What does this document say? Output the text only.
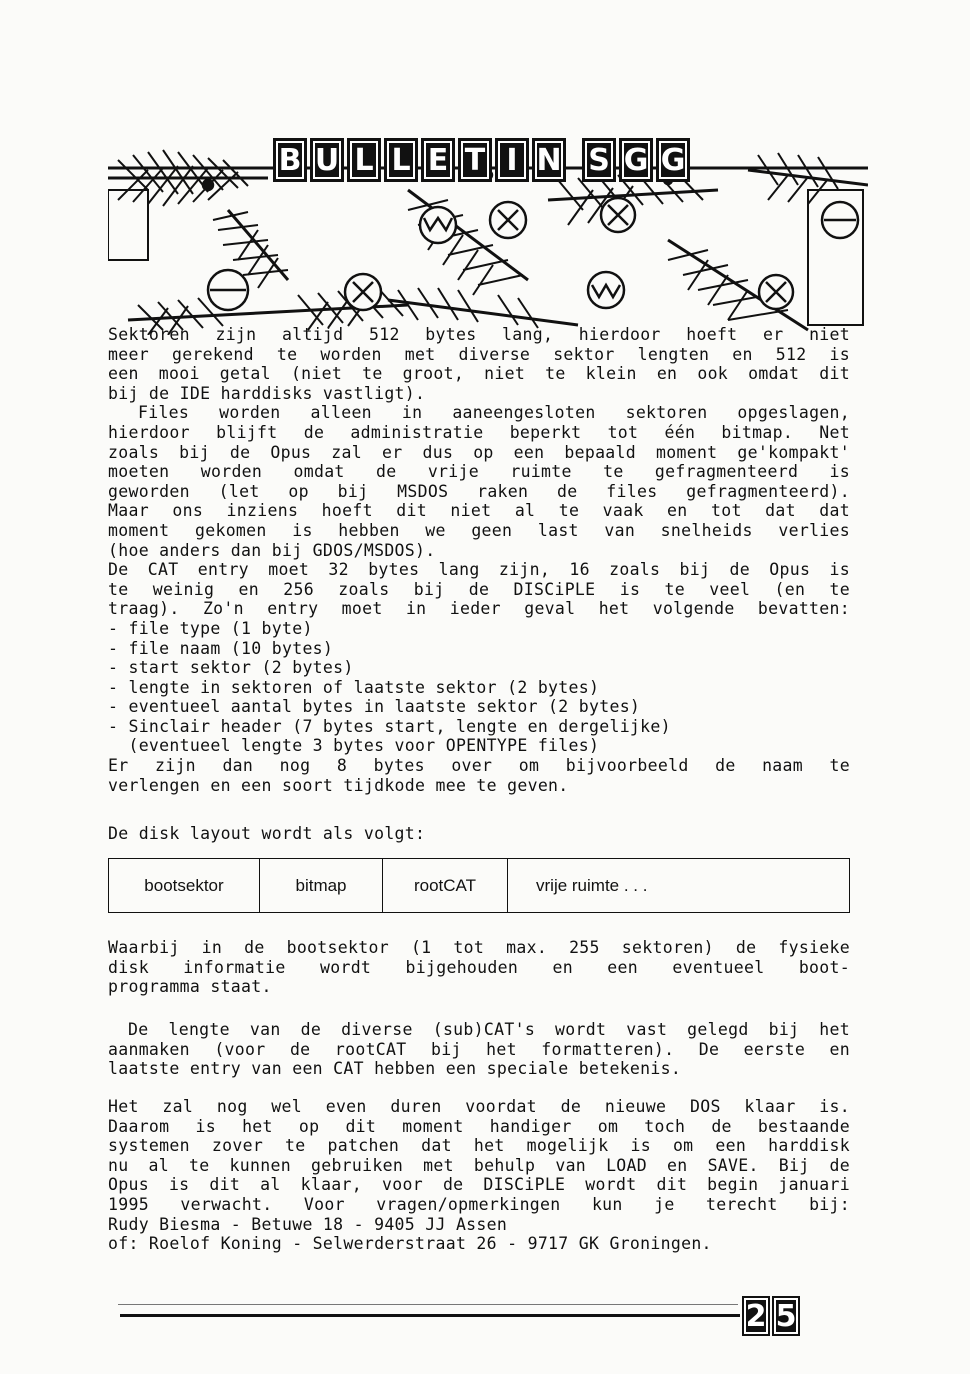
B U L L E T I N S G G
Sektoren zijn altijd 512 bytes lang, hierdoor hoeft er niet
meer gerekend te worden met diverse sektor lengten en 512 is
een mooi getal (niet te groot, niet te klein en ook omdat dit
bij de IDE harddisks vastligt).
Files worden alleen in aaneengesloten sektoren opgeslagen,
hierdoor blijft de administratie beperkt tot één bitmap. Net
zoals bij de Opus zal er dus op een bepaald moment ge'kompakt'
moeten worden omdat de vrije ruimte te gefragmenteerd is
geworden (let op bij MSDOS raken de files gefragmenteerd).
Maar ons inziens hoeft dit niet al te vaak en tot dat dat
moment gekomen is hebben we geen last van snelheids verlies
(hoe anders dan bij GDOS/MSDOS).
De CAT entry moet 32 bytes lang zijn, 16 zoals bij de Opus is
te weinig en 256 zoals bij de DISCiPLE is te veel (en te
traag). Zo'n entry moet in ieder geval het volgende bevatten:
- file type (1 byte)
- file naam (10 bytes)
- start sektor (2 bytes)
- lengte in sektoren of laatste sektor (2 bytes)
- eventueel aantal bytes in laatste sektor (2 bytes)
- Sinclair header (7 bytes start, lengte en dergelijke)
(eventueel lengte 3 bytes voor OPENTYPE files)
Er zijn dan nog 8 bytes over om bijvoorbeeld de naam te
verlengen en een soort tijdkode mee te geven.
De disk layout wordt als volgt:
bootsektor	bitmap	rootCAT	vrije ruimte . . .
Waarbij in de bootsektor (1 tot max. 255 sektoren) de fysieke
disk informatie wordt bijgehouden en een eventueel boot-
programma staat.
De lengte van de diverse (sub)CAT's wordt vast gelegd bij het
aanmaken (voor de rootCAT bij het formatteren). De eerste en
laatste entry van een CAT hebben een speciale betekenis.
Het zal nog wel even duren voordat de nieuwe DOS klaar is.
Daarom is het op dit moment handiger om toch de bestaande
systemen zover te patchen dat het mogelijk is om een harddisk
nu al te kunnen gebruiken met behulp van LOAD en SAVE. Bij de
Opus is dit al klaar, voor de DISCiPLE wordt dit begin januari
1995 verwacht. Voor vragen/opmerkingen kun je terecht bij:
Rudy Biesma - Betuwe 18 - 9405 JJ Assen
of: Roelof Koning - Selwerderstraat 26 - 9717 GK Groningen.
2 5
